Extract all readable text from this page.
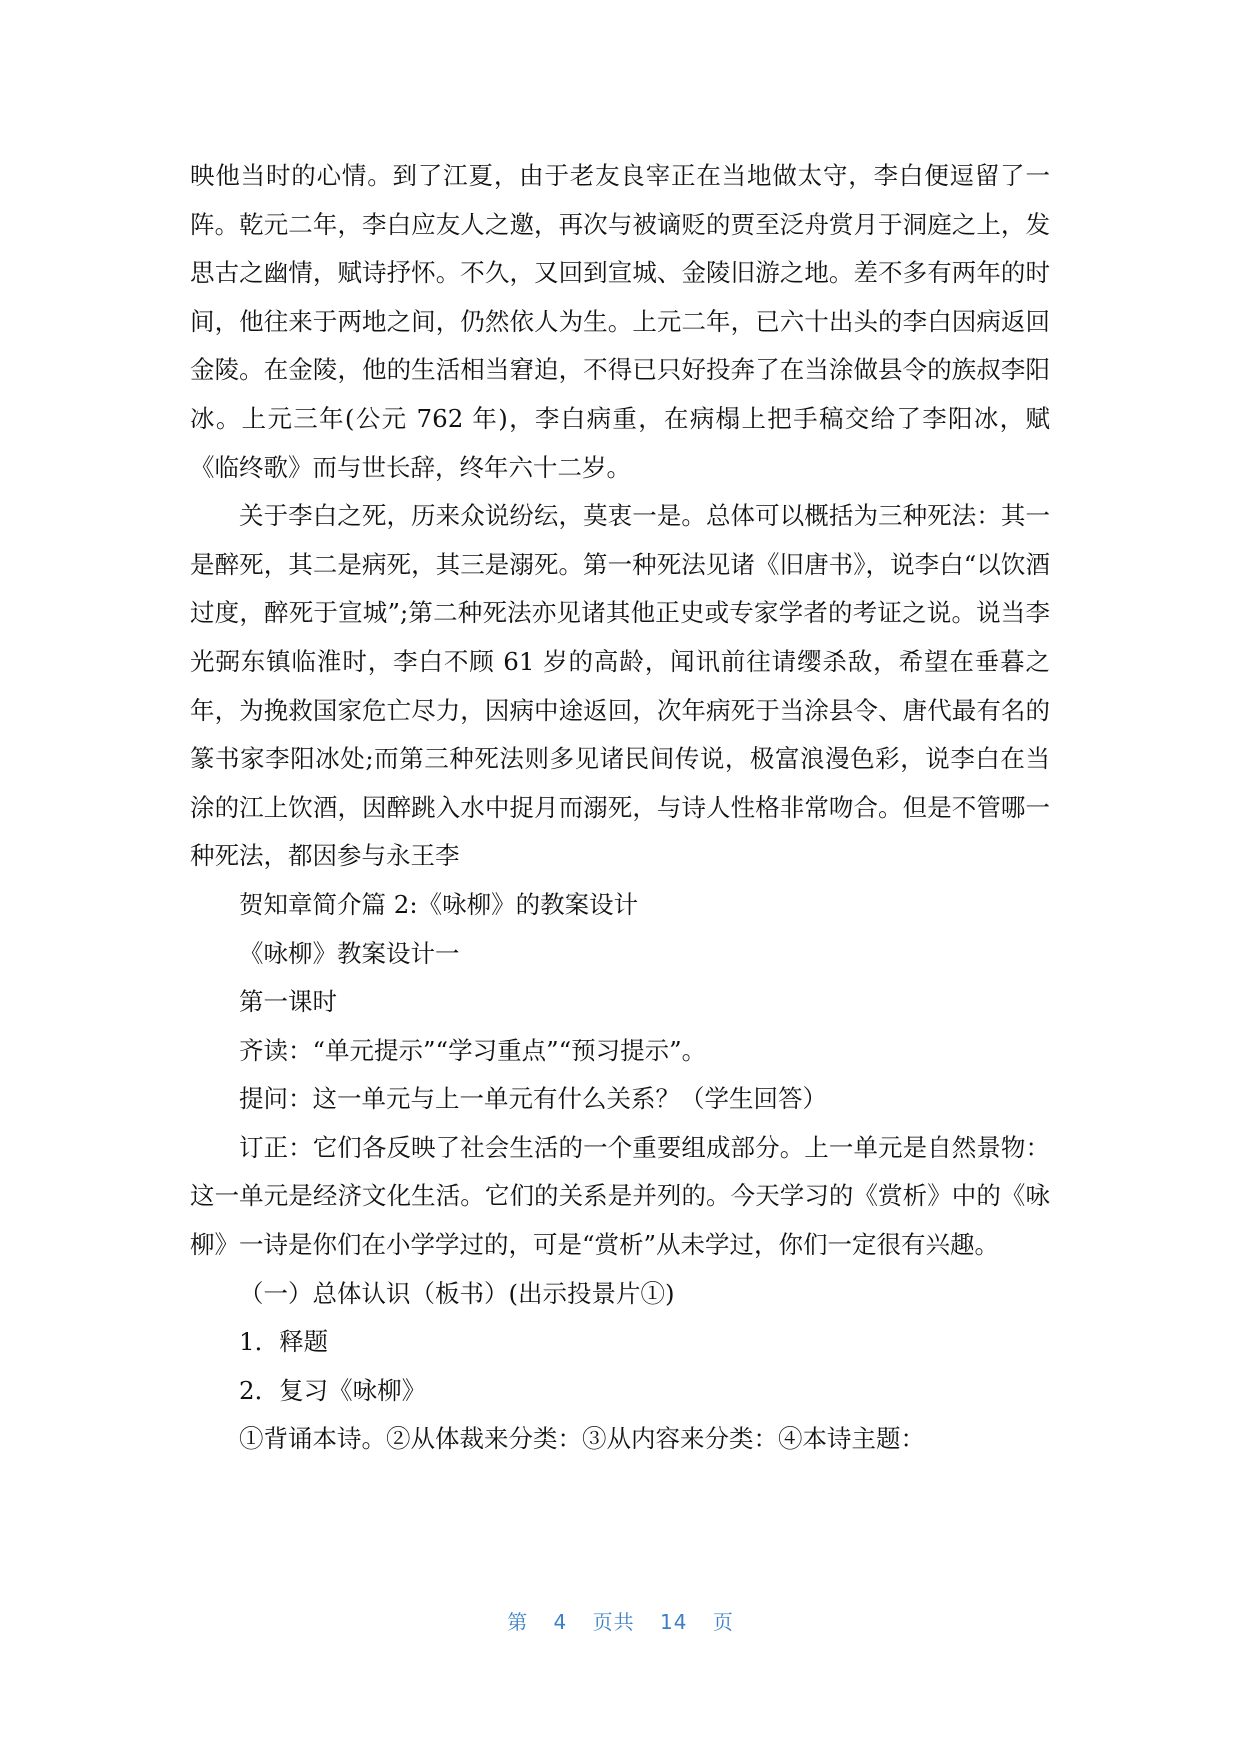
映他当时的心情。到了江夏，由于老友良宰正在当地做太守，李白便逗留了一阵。乾元二年，李白应友人之邀，再次与被谪贬的贾至泛舟赏月于洞庭之上，发思古之幽情，赋诗抒怀。不久，又回到宣城、金陵旧游之地。差不多有两年的时间，他往来于两地之间，仍然依人为生。上元二年，已六十出头的李白因病返回金陵。在金陵，他的生活相当窘迫，不得已只好投奔了在当涂做县令的族叔李阳冰。上元三年(公元 762 年)，李白病重，在病榻上把手稿交给了李阳冰，赋《临终歌》而与世长辞，终年六十二岁。

关于李白之死，历来众说纷纭，莫衷一是。总体可以概括为三种死法：其一是醉死，其二是病死，其三是溺死。第一种死法见诸《旧唐书》，说李白“以饮酒过度，醉死于宣城”;第二种死法亦见诸其他正史或专家学者的考证之说。说当李光弼东镇临淮时，李白不顾 61 岁的高龄，闻讯前往请缨杀敌，希望在垂暮之年，为挽救国家危亡尽力，因病中途返回，次年病死于当涂县令、唐代最有名的篆书家李阳冰处;而第三种死法则多见诸民间传说，极富浪漫色彩，说李白在当涂的江上饮酒，因醉跳入水中捉月而溺死，与诗人性格非常吻合。但是不管哪一种死法，都因参与永王李

贺知章简介篇 2:《咏柳》的教案设计

《咏柳》教案设计一

第一课时

齐读：“单元提示”“学习重点”“预习提示”。

提问：这一单元与上一单元有什么关系？（学生回答）

订正：它们各反映了社会生活的一个重要组成部分。上一单元是自然景物：这一单元是经济文化生活。它们的关系是并列的。今天学习的《赏析》中的《咏柳》一诗是你们在小学学过的，可是“赏析”从未学过，你们一定很有兴趣。

（一）总体认识（板书）(出示投景片①)

1．释题

2．复习《咏柳》

①背诵本诗。②从体裁来分类：③从内容来分类：④本诗主题：

第 4 页共 14 页
